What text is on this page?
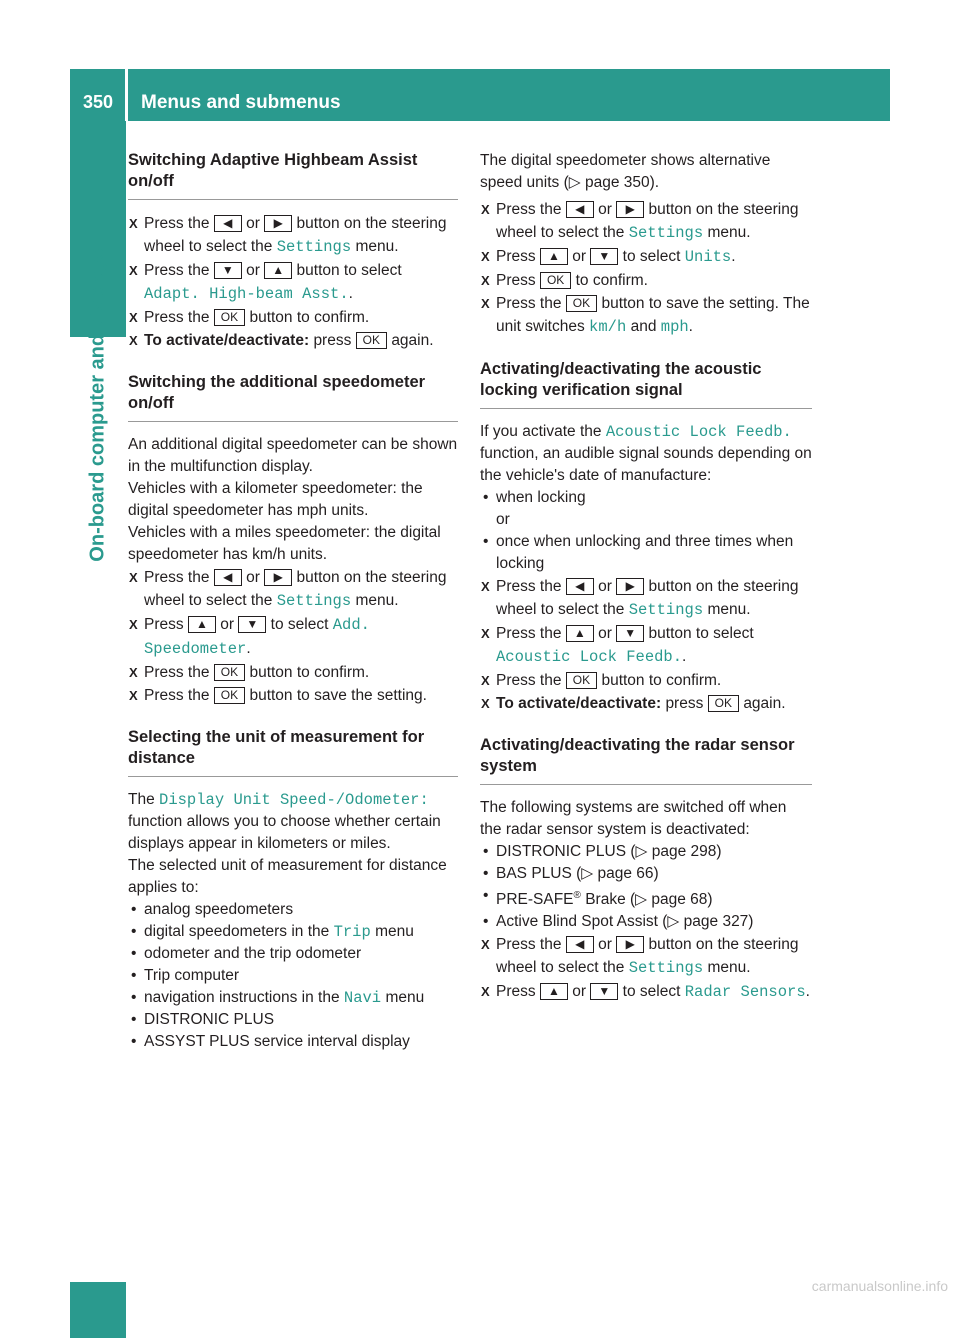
350 Menus and submenus
On-board computer and displays
carmanualsonline.info
Switching Adaptive Highbeam Assist on/off

X Press the ◀ or ▶ button on the steering wheel to select the Settings menu.

X Press the ▼ or ▲ button to select Adapt. High-beam Asst..

X Press the OK button to confirm.

X To activate/deactivate: press OK again.

Switching the additional speedometer on/off

An additional digital speedometer can be shown in the multifunction display.

Vehicles with a kilometer speedometer: the digital speedometer has mph units.

Vehicles with a miles speedometer: the digital speedometer has km/h units.

X Press the ◀ or ▶ button on the steering wheel to select the Settings menu.

X Press ▲ or ▼ to select Add. Speedometer.

X Press the OK button to confirm.

X Press the OK button to save the setting.

Selecting the unit of measurement for distance

The Display Unit Speed-/Odometer: function allows you to choose whether certain displays appear in kilometers or miles.

The selected unit of measurement for distance applies to:

• analog speedometers

• digital speedometers in the Trip menu

• odometer and the trip odometer

• Trip computer

• navigation instructions in the Navi menu

• DISTRONIC PLUS

• ASSYST PLUS service interval display

The digital speedometer shows alternative speed units (▷ page 350).

X Press the ◀ or ▶ button on the steering wheel to select the Settings menu.

X Press ▲ or ▼ to select Units.

X Press OK to confirm.

X Press the OK button to save the setting. The unit switches km/h and mph.

Activating/deactivating the acoustic locking verification signal

If you activate the Acoustic Lock Feedb. function, an audible signal sounds depending on the vehicle's date of manufacture:

• when locking

or

• once when unlocking and three times when locking

X Press the ◀ or ▶ button on the steering wheel to select the Settings menu.

X Press the ▲ or ▼ button to select Acoustic Lock Feedb..

X Press the OK button to confirm.

X To activate/deactivate: press OK again.

Activating/deactivating the radar sensor system

The following systems are switched off when the radar sensor system is deactivated:

• DISTRONIC PLUS (▷ page 298)

• BAS PLUS (▷ page 66)

• PRE-SAFE® Brake (▷ page 68)

• Active Blind Spot Assist (▷ page 327)

X Press the ◀ or ▶ button on the steering wheel to select the Settings menu.

X Press ▲ or ▼ to select Radar Sensors.
